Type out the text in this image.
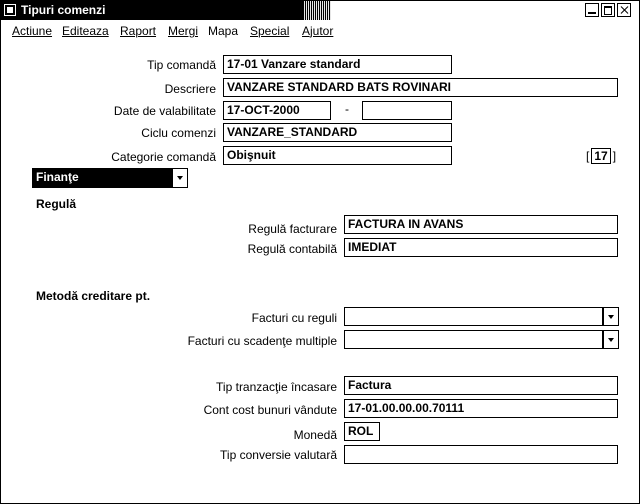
Tipuri comenzi
Actiune Editeaza Raport Mergi Mapa Special Ajutor
Tip comandă 17-01 Vanzare standard
Descriere VANZARE STANDARD BATS ROVINARI
Date de valabilitate 17-OCT-2000	-
Ciclu comenzi VANZARE_STANDARD
Categorie comandă Obişnuit	[ 17 ]
Finanţe
Regulă
Regulă facturare FACTURA IN AVANS
Regulă contabilă IMEDIAT
Metodă creditare pt.
Facturi cu reguli
Facturi cu scadenţe multiple
Tip tranzacţie încasare Factura
Cont cost bunuri vândute 17-01.00.00.00.70111
Monedă ROL
Tip conversie valutară
